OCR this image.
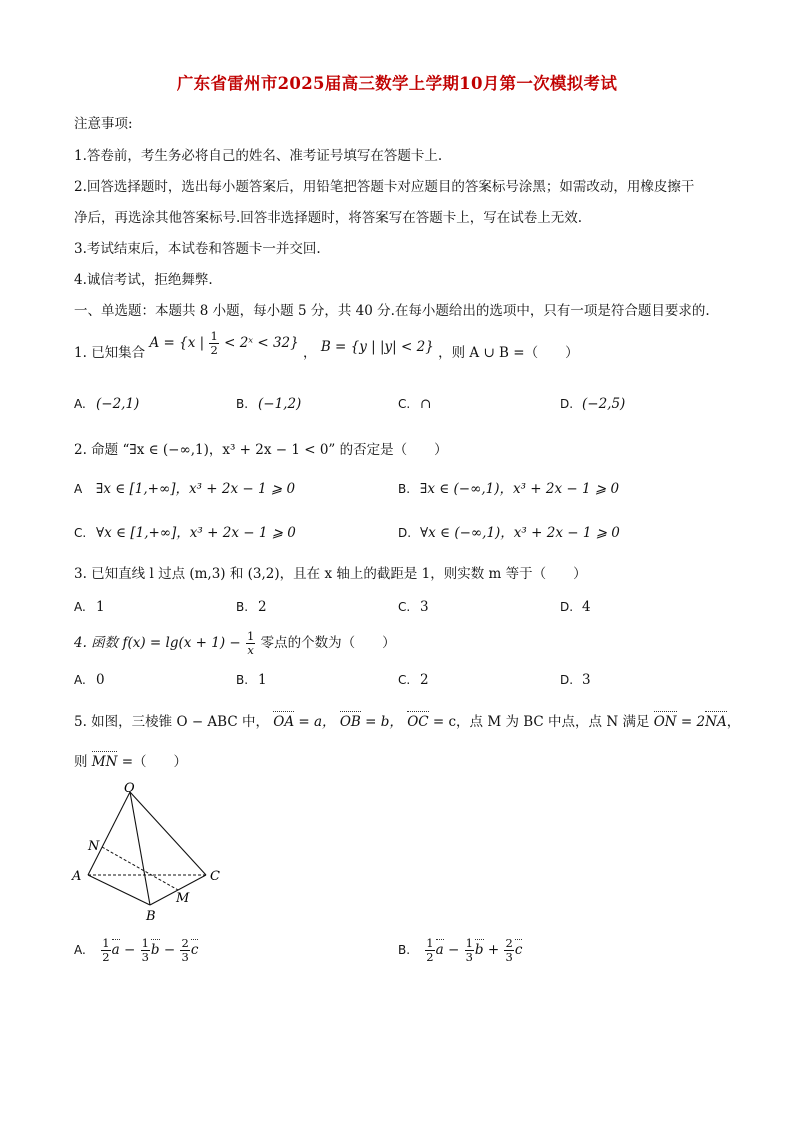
广东省雷州市2025届高三数学上学期10月第一次模拟考试
注意事项:
1.答卷前，考生务必将自己的姓名、准考证号填写在答题卡上.
2.回答选择题时，选出每小题答案后，用铅笔把答题卡对应题目的答案标号涂黑；如需改动，用橡皮擦干
净后，再选涂其他答案标号.回答非选择题时，将答案写在答题卡上，写在试卷上无效.
3.考试结束后，本试卷和答题卡一并交回.
4.诚信考试，拒绝舞弊.
一、单选题：本题共 8 小题，每小题 5 分，共 40 分.在每小题给出的选项中，只有一项是符合题目要求的.
1. 已知集合 A = {x | $\frac{1}{2}$ < 2ˣ < 32} ， B = {y | |y| < 2} ，则 A ∪ B =（　　）
A. (−2,1)	B. (−1,2)	C. ∩	D. (−2,5)
2. 命题 “∃x ∈ (−∞,1)，x³ + 2x − 1 < 0” 的否定是（　　）
A ∃x ∈ [1,+∞]，x³ + 2x − 1 ⩾ 0	B. ∃x ∈ (−∞,1)，x³ + 2x − 1 ⩾ 0
C. ∀x ∈ [1,+∞]，x³ + 2x − 1 ⩾ 0	D. ∀x ∈ (−∞,1)，x³ + 2x − 1 ⩾ 0
3. 已知直线 l 过点 (m,3) 和 (3,2)，且在 x 轴上的截距是 1，则实数 m 等于（　　）
A. 1	B. 2	C. 3	D. 4
4. 函数 $f(x) = \lg(x + 1) - \frac{1}{x}$ 零点的个数为（　　）
A. 0	B. 1	C. 2	D. 3
5. 如图，三棱锥 O − ABC 中， OA = a， OB = b， OC = c，点 M 为 BC 中点，点 N 满足 ON = 2NA，
则 MN =（　　）
O
N
A
B
C
M
A. $\frac{1}{2}$ $a - \frac{1}{3}$ $b - \frac{2}{3}$ c	B. $\frac{1}{2}$ $a - \frac{1}{3}$ $b + \frac{2}{3}$ c
